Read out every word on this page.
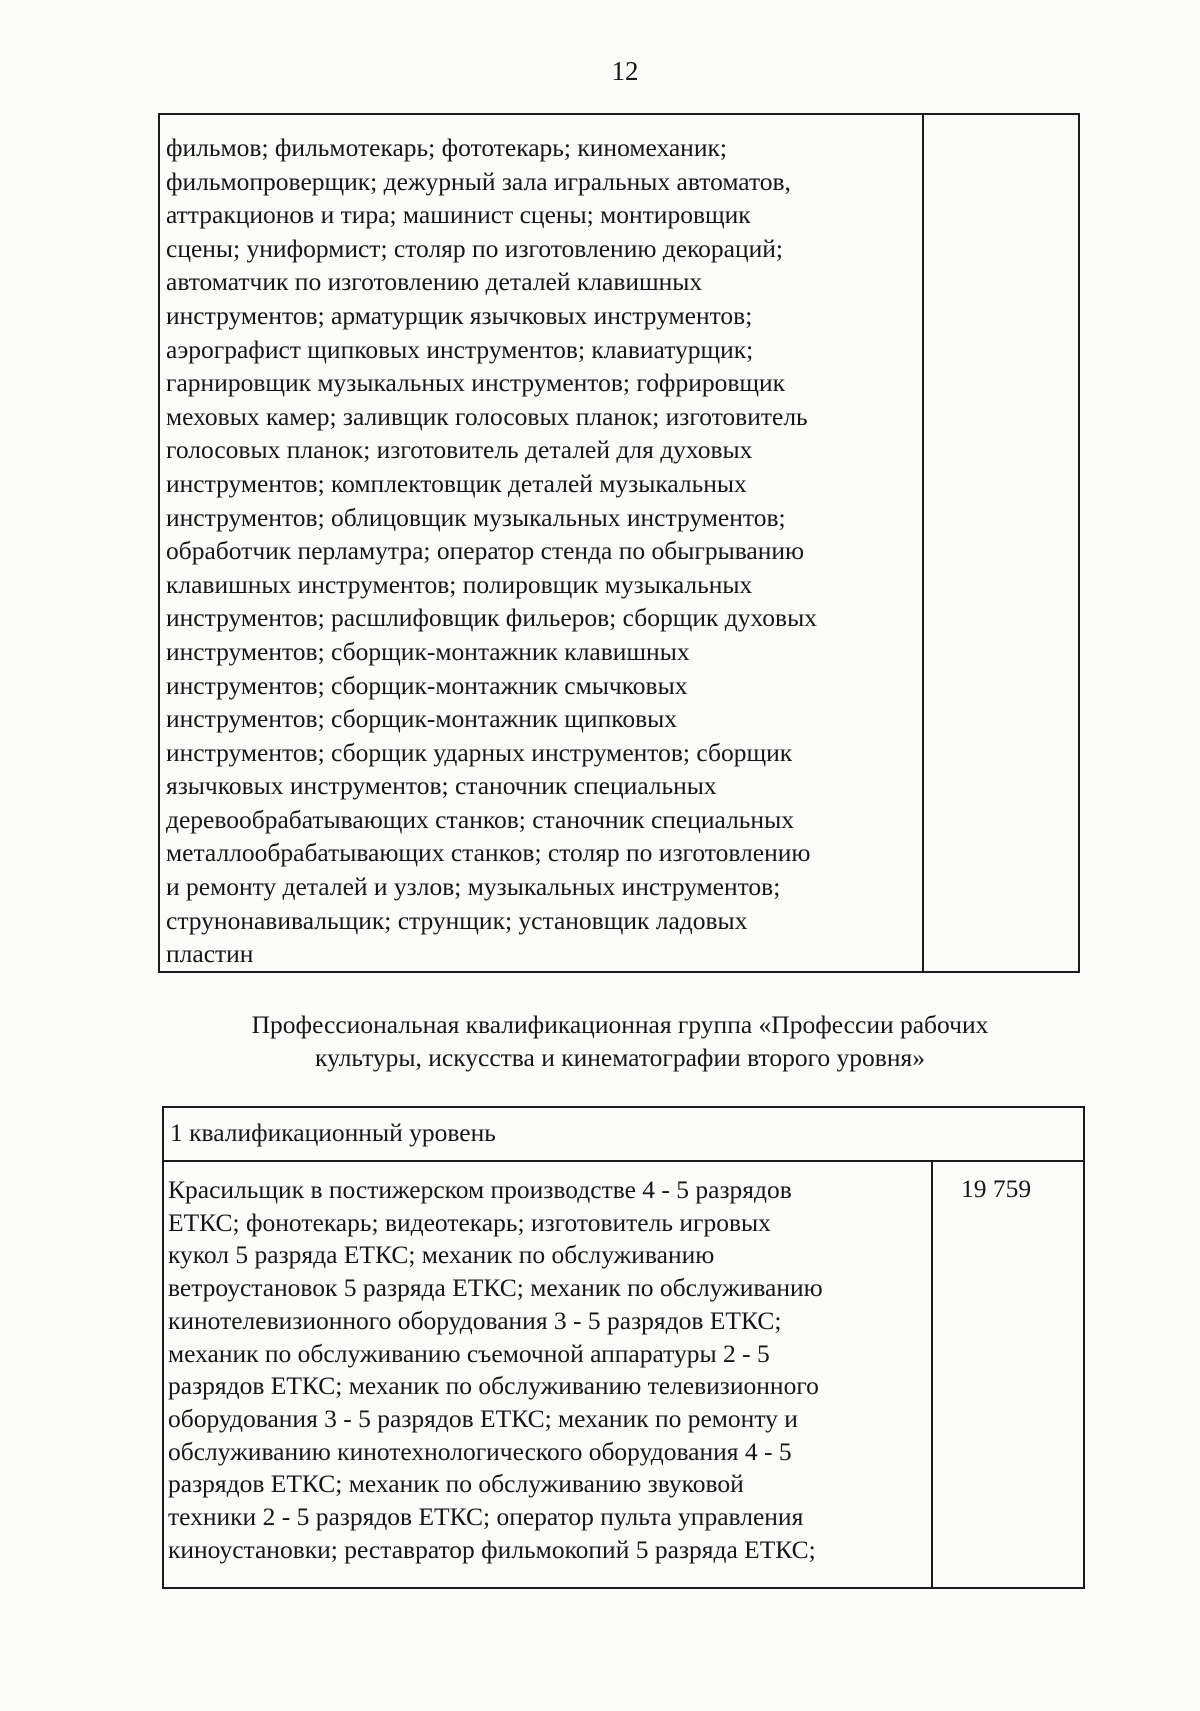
12
фильмов; фильмотекарь; фототекарь; киномеханик;
фильмопроверщик; дежурный зала игральных автоматов,
аттракционов и тира; машинист сцены; монтировщик
сцены; униформист; столяр по изготовлению декораций;
автоматчик по изготовлению деталей клавишных
инструментов; арматурщик язычковых инструментов;
аэрографист щипковых инструментов; клавиатурщик;
гарнировщик музыкальных инструментов; гофрировщик
меховых камер; заливщик голосовых планок; изготовитель
голосовых планок; изготовитель деталей для духовых
инструментов; комплектовщик деталей музыкальных
инструментов; облицовщик музыкальных инструментов;
обработчик перламутра; оператор стенда по обыгрыванию
клавишных инструментов; полировщик музыкальных
инструментов; расшлифовщик фильеров; сборщик духовых
инструментов; сборщик-монтажник клавишных
инструментов; сборщик-монтажник смычковых
инструментов; сборщик-монтажник щипковых
инструментов; сборщик ударных инструментов; сборщик
язычковых инструментов; станочник специальных
деревообрабатывающих станков; станочник специальных
металлообрабатывающих станков; столяр по изготовлению
и ремонту деталей и узлов; музыкальных инструментов;
струнонавивальщик; струнщик; установщик ладовых
пластин
Профессиональная квалификационная группа «Профессии рабочих
культуры, искусства и кинематографии второго уровня»
1 квалификационный уровень
Красильщик в постижерском производстве 4 - 5 разрядов
ЕТКС; фонотекарь; видеотекарь; изготовитель игровых
кукол 5 разряда ЕТКС; механик по обслуживанию
ветроустановок 5 разряда ЕТКС; механик по обслуживанию
кинотелевизионного оборудования 3 - 5 разрядов ЕТКС;
механик по обслуживанию съемочной аппаратуры 2 - 5
разрядов ЕТКС; механик по обслуживанию телевизионного
оборудования 3 - 5 разрядов ЕТКС; механик по ремонту и
обслуживанию кинотехнологического оборудования 4 - 5
разрядов ЕТКС; механик по обслуживанию звуковой
техники 2 - 5 разрядов ЕТКС; оператор пульта управления
киноустановки; реставратор фильмокопий 5 разряда ЕТКС;
19 759
